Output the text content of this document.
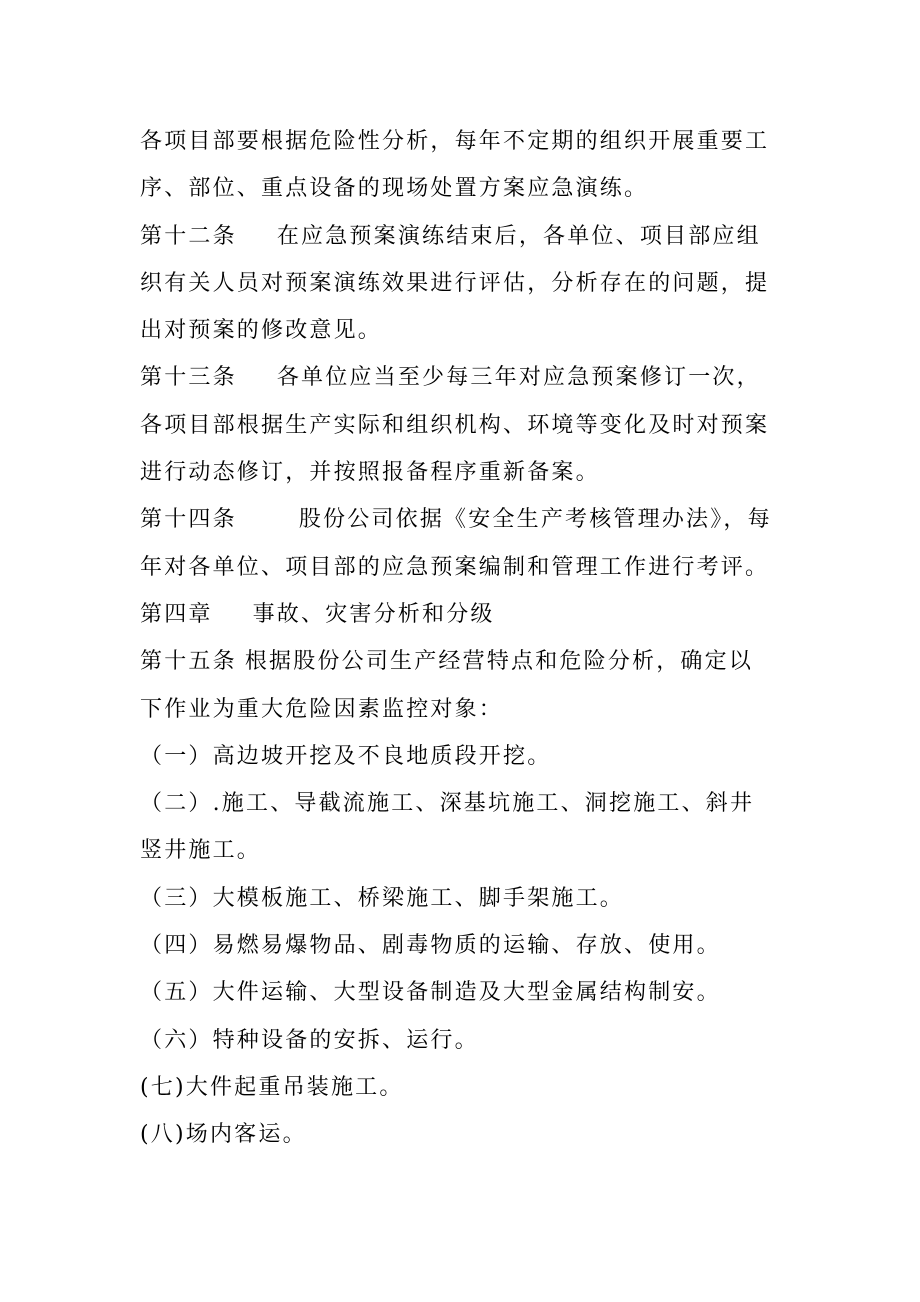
各项目部要根据危险性分析，每年不定期的组织开展重要工
序、部位、重点设备的现场处置方案应急演练。
第十二条 在应急预案演练结束后，各单位、项目部应组
织有关人员对预案演练效果进行评估，分析存在的问题，提
出对预案的修改意见。
第十三条 各单位应当至少每三年对应急预案修订一次，
各项目部根据生产实际和组织机构、环境等变化及时对预案
进行动态修订，并按照报备程序重新备案。
第十四条	股份公司依据《安全生产考核管理办法》，每
年对各单位、项目部的应急预案编制和管理工作进行考评。
第四章 事故、灾害分析和分级
第十五条 根据股份公司生产经营特点和危险分析，确定以
下作业为重大危险因素监控对象：
（一）高边坡开挖及不良地质段开挖。
（二）.施工、导截流施工、深基坑施工、洞挖施工、斜井
竖井施工。
（三）大模板施工、桥梁施工、脚手架施工。
（四）易燃易爆物品、剧毒物质的运输、存放、使用。
（五）大件运输、大型设备制造及大型金属结构制安。
（六）特种设备的安拆、运行。
(七)大件起重吊装施工。
(八)场内客运。
